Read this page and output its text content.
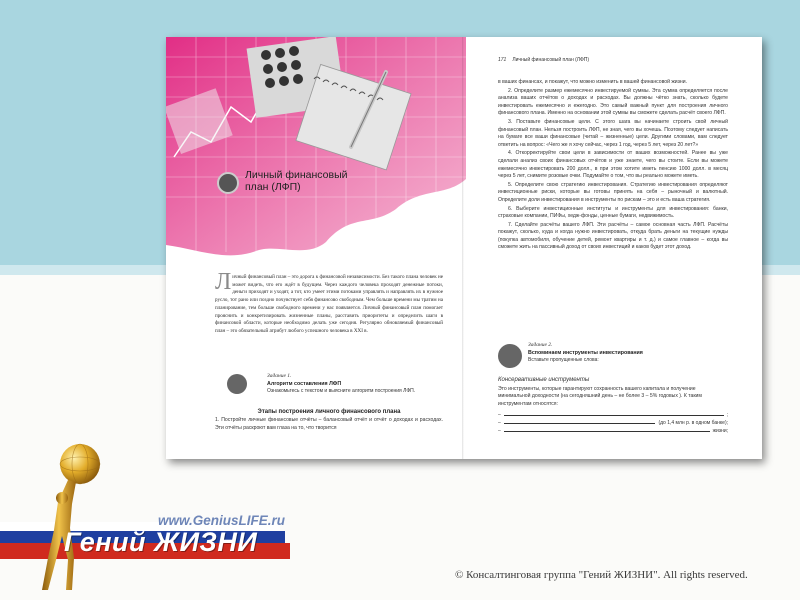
Личный финансовый план (ЛФП)
Личный финансовый план – это дорога к финансовой независимости. Без такого плана человек не может видеть, что его ждёт в будущем. Через каждого человека проходят денежные потоки, деньги приходят и уходят, а тот, кто умеет этими потоками управлять и направлять их в нужное русло, тот рано или поздно почувствует себя финансово свободным. Чем больше времени мы тратим на планирование, тем больше свободного времени у нас появляется. Личный финансовый план помогает прояснить и конкретизировать жизненные планы, расставить приоритеты и определить шаги в финансовой области, которые необходимо делать уже сегодня. Регулярно обновляемый финансовый план – это обязательный атрибут любого успешного человека в XXI в.
Задание 1.
Алгоритм составления ЛФП
Ознакомьтесь с текстом и выясните алгоритм построения ЛФП.
Этапы построения личного финансового плана
1. Постройте личные финансовые отчёты – балансовый отчёт и отчёт о доходах и расходах. Эти отчёты раскроют вам глаза на то, что творится
171 Личный финансовый план (ЛФП)

в ваших финансах, и покажут, что можно изменить в вашей финансовой жизни.

2. Определите размер ежемесячно инвестируемой суммы. Эта сумма определяется после анализа ваших отчётов о доходах и расходах. Вы должны чётко знать, сколько будете инвестировать ежемесячно и ежегодно. Это самый важный пункт для построения личного финансового плана. Именно на основании этой суммы вы сможете сделать расчёт своего ЛФП.

3. Поставьте финансовые цели. С этого шага вы начинаете строить свой личный финансовый план. Нельзя построить ЛФП, не зная, чего вы хочешь. Поэтому следует написать на бумаге все ваши финансовые (читай – жизненные) цели. Другими словами, вам следует ответить на вопрос: «Чего же я хочу сейчас, через 1 год, через 5 лет, через 20 лет?»

4. Откорректируйте свои цели в зависимости от ваших возможностей. Ранее вы уже сделали анализ своих финансовых отчётов и уже знаете, чего вы стоите. Если вы можете ежемесячно инвестировать 200 долл., в при этом хотите иметь пенсию 1000 долл. в месяц через 5 лет, снимите розовые очки. Подумайте о том, что вы реально можете иметь.

5. Определите свою стратегию инвестирования. Стратегию инвестирования определяют инвестиционные риски, которые вы готовы принять на себя – рыночный и валютный. Определите доли инвестирования в инструменты по рискам – это и есть ваша стратегия.

6. Выберите инвестиционные институты и инструменты для инвестирования: банки, страховые компании, ПИФы, хедж-фонды, ценные бумаги, недвижимость.

7. Сделайте расчёты вашего ЛФП. Эти расчёты – самое основная часть ЛФП. Расчёты покажут, сколько, куда и когда нужно инвестировать, откуда брать деньги на текущие нужды (покупка автомобиля, обучение детей, ремонт квартиры и т. д.) и самое главное – когда вы сможете жить на пассивный доход от своих инвестиций и каков будет этот доход.

Задание 2.
Вспоминаем инструменты инвестирования
Вставьте пропущенные слова:
Консервативные инструменты
Это инструменты, которые гарантируют сохранность вашего капитала и получение минимальной доходности (на сегодняшний день – не более 3 – 5% годовых ). К таким инструментам относятся:
–	;
–	(до 1,4 млн р. в одном банке);
–	жизни;
www.GeniusLIFE.ru
Гений ЖИЗНИ
© Консалтинговая группа "Гений ЖИЗНИ". All rights reserved.
